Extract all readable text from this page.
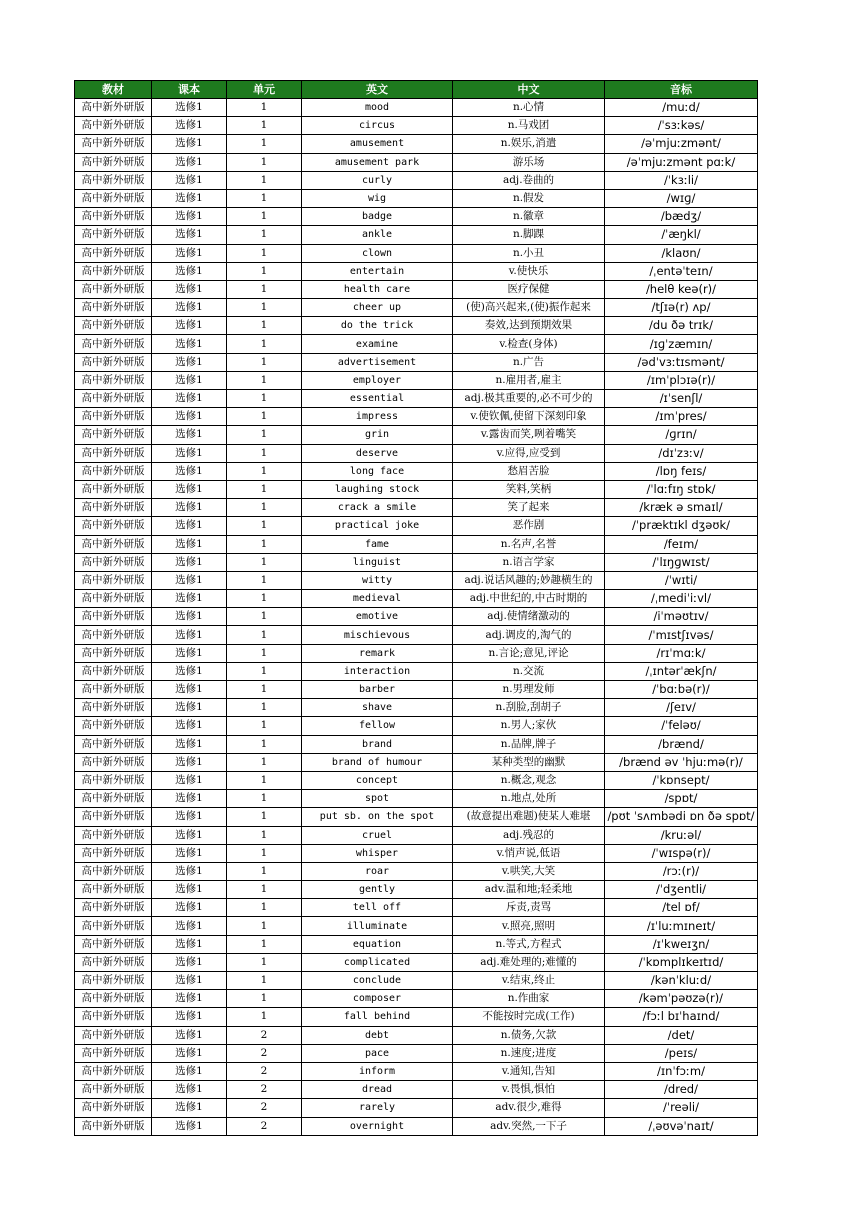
教材	课本	单元	英文	中文	音标
高中新外研版	选修1	1	mood	n.心情	/muːd/
高中新外研版	选修1	1	circus	n.马戏团	/ˈsɜːkəs/
高中新外研版	选修1	1	amusement	n.娱乐,消遣	/əˈmjuːzmənt/
高中新外研版	选修1	1	amusement park	游乐场	/əˈmjuːzmənt pɑːk/
高中新外研版	选修1	1	curly	adj.卷曲的	/ˈkɜːli/
高中新外研版	选修1	1	wig	n.假发	/wɪɡ/
高中新外研版	选修1	1	badge	n.徽章	/bædʒ/
高中新外研版	选修1	1	ankle	n.脚踝	/ˈæŋkl/
高中新外研版	选修1	1	clown	n.小丑	/klaʊn/
高中新外研版	选修1	1	entertain	v.使快乐	/ˌentəˈteɪn/
高中新外研版	选修1	1	health care	医疗保健	/helθ keə(r)/
高中新外研版	选修1	1	cheer up	(使)高兴起来,(使)振作起来	/tʃɪə(r) ʌp/
高中新外研版	选修1	1	do the trick	奏效,达到预期效果	/du ðə trɪk/
高中新外研版	选修1	1	examine	v.检查(身体)	/ɪɡˈzæmɪn/
高中新外研版	选修1	1	advertisement	n.广告	/ədˈvɜːtɪsmənt/
高中新外研版	选修1	1	employer	n.雇用者,雇主	/ɪmˈplɔɪə(r)/
高中新外研版	选修1	1	essential	adj.极其重要的,必不可少的	/ɪˈsenʃl/
高中新外研版	选修1	1	impress	v.使钦佩,使留下深刻印象	/ɪmˈpres/
高中新外研版	选修1	1	grin	v.露齿而笑,咧着嘴笑	/ɡrɪn/
高中新外研版	选修1	1	deserve	v.应得,应受到	/dɪˈzɜːv/
高中新外研版	选修1	1	long face	愁眉苦脸	/lɒŋ feɪs/
高中新外研版	选修1	1	laughing stock	笑料,笑柄	/ˈlɑːfɪŋ stɒk/
高中新外研版	选修1	1	crack a smile	笑了起来	/kræk ə smaɪl/
高中新外研版	选修1	1	practical joke	恶作剧	/ˈpræktɪkl dʒəʊk/
高中新外研版	选修1	1	fame	n.名声,名誉	/feɪm/
高中新外研版	选修1	1	linguist	n.语言学家	/ˈlɪŋɡwɪst/
高中新外研版	选修1	1	witty	adj.说话风趣的;妙趣横生的	/ˈwɪti/
高中新外研版	选修1	1	medieval	adj.中世纪的,中古时期的	/ˌmediˈiːvl/
高中新外研版	选修1	1	emotive	adj.使情绪激动的	/iˈməʊtɪv/
高中新外研版	选修1	1	mischievous	adj.调皮的,淘气的	/ˈmɪstʃɪvəs/
高中新外研版	选修1	1	remark	n.言论;意见,评论	/rɪˈmɑːk/
高中新外研版	选修1	1	interaction	n.交流	/ˌɪntərˈækʃn/
高中新外研版	选修1	1	barber	n.男理发师	/ˈbɑːbə(r)/
高中新外研版	选修1	1	shave	n.刮脸,刮胡子	/ʃeɪv/
高中新外研版	选修1	1	fellow	n.男人;家伙	/ˈfeləʊ/
高中新外研版	选修1	1	brand	n.品牌,牌子	/brænd/
高中新外研版	选修1	1	brand of humour	某种类型的幽默	/brænd əv ˈhjuːmə(r)/
高中新外研版	选修1	1	concept	n.概念,观念	/ˈkɒnsept/
高中新外研版	选修1	1	spot	n.地点,处所	/spɒt/
高中新外研版	选修1	1	put sb. on the spot	(故意提出难题)使某人难堪	/pʊt ˈsʌmbədi ɒn ðə spɒt/
高中新外研版	选修1	1	cruel	adj.残忍的	/kruːəl/
高中新外研版	选修1	1	whisper	v.悄声说,低语	/ˈwɪspə(r)/
高中新外研版	选修1	1	roar	v.哄笑,大笑	/rɔː(r)/
高中新外研版	选修1	1	gently	adv.温和地;轻柔地	/ˈdʒentli/
高中新外研版	选修1	1	tell off	斥责,责骂	/tel ɒf/
高中新外研版	选修1	1	illuminate	v.照亮,照明	/ɪˈluːmɪneɪt/
高中新外研版	选修1	1	equation	n.等式,方程式	/ɪˈkweɪʒn/
高中新外研版	选修1	1	complicated	adj.难处理的;难懂的	/ˈkɒmplɪkeɪtɪd/
高中新外研版	选修1	1	conclude	v.结束,终止	/kənˈkluːd/
高中新外研版	选修1	1	composer	n.作曲家	/kəmˈpəʊzə(r)/
高中新外研版	选修1	1	fall behind	不能按时完成(工作)	/fɔːl bɪˈhaɪnd/
高中新外研版	选修1	2	debt	n.债务,欠款	/det/
高中新外研版	选修1	2	pace	n.速度;进度	/peɪs/
高中新外研版	选修1	2	inform	v.通知,告知	/ɪnˈfɔːm/
高中新外研版	选修1	2	dread	v.畏惧,惧怕	/dred/
高中新外研版	选修1	2	rarely	adv.很少,难得	/ˈreəli/
高中新外研版	选修1	2	overnight	adv.突然,一下子	/ˌəʊvəˈnaɪt/
